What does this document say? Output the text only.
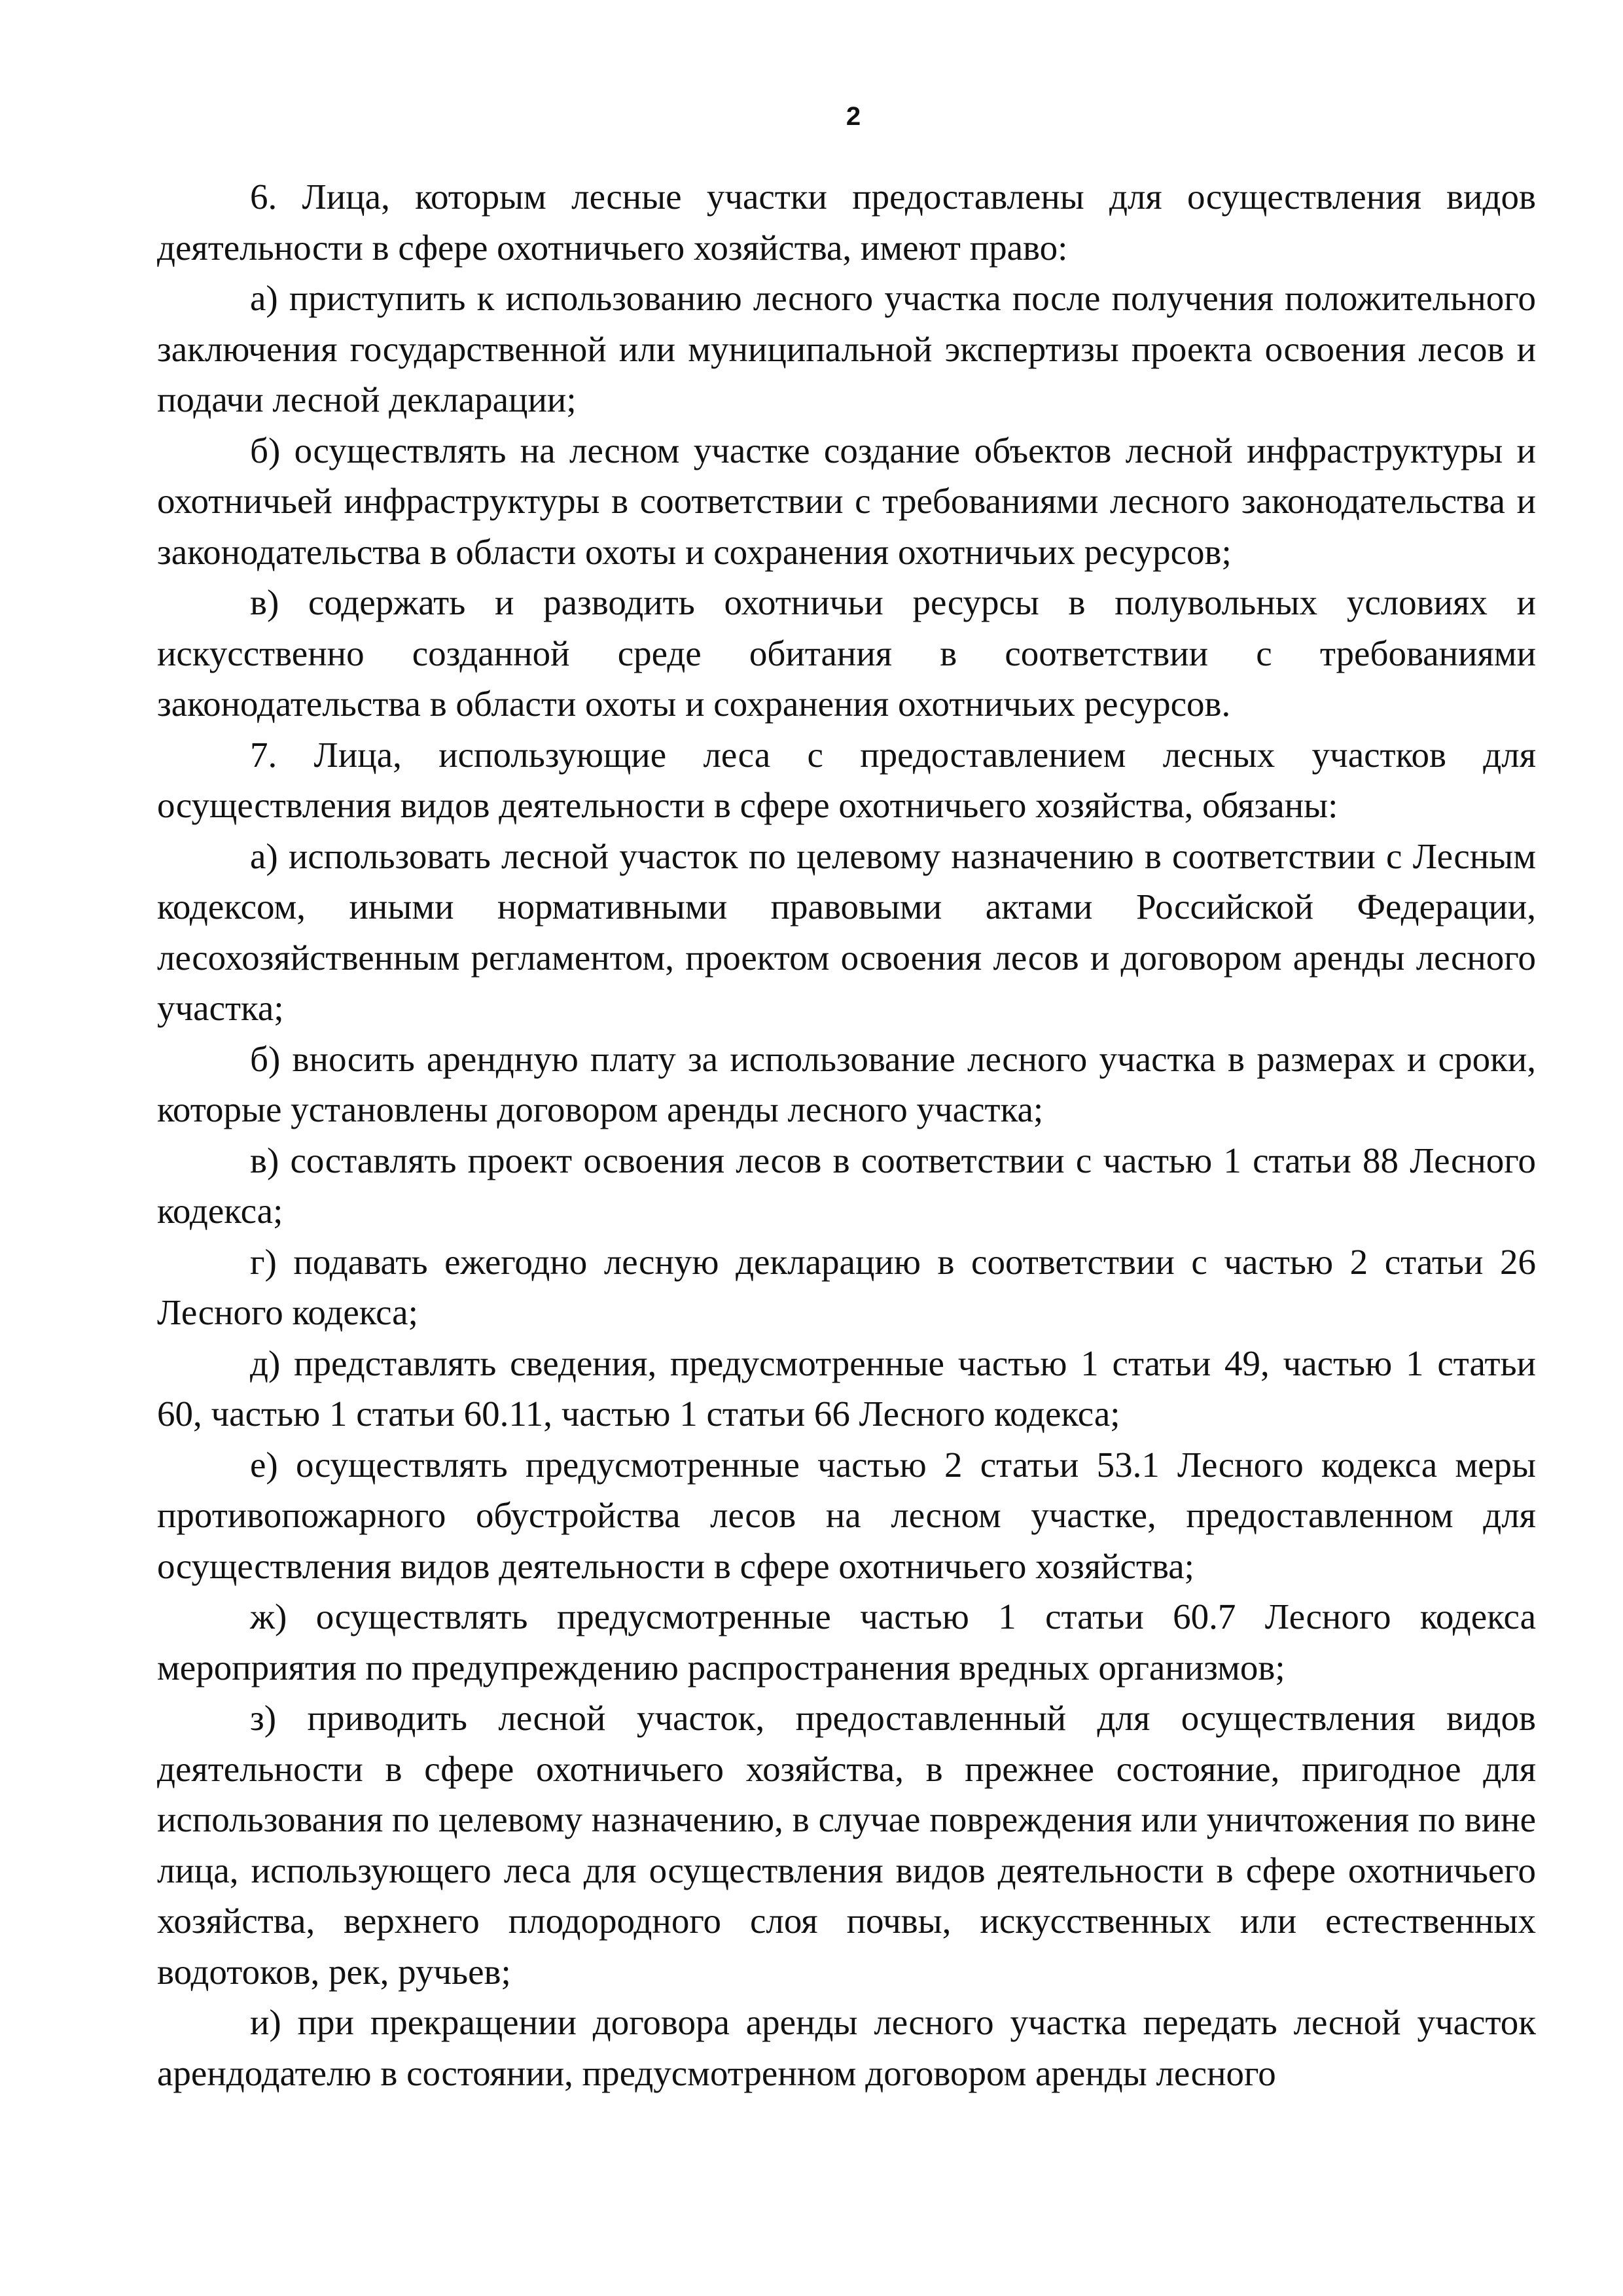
2

6. Лица, которым лесные участки предоставлены для осуществления видов деятельности в сфере охотничьего хозяйства, имеют право:

а) приступить к использованию лесного участка после получения положительного заключения государственной или муниципальной экспертизы проекта освоения лесов и подачи лесной декларации;

б) осуществлять на лесном участке создание объектов лесной инфраструктуры и охотничьей инфраструктуры в соответствии с требованиями лесного законодательства и законодательства в области охоты и сохранения охотничьих ресурсов;

в) содержать и разводить охотничьи ресурсы в полувольных условиях и искусственно созданной среде обитания в соответствии с требованиями законодательства в области охоты и сохранения охотничьих ресурсов.

7. Лица, использующие леса с предоставлением лесных участков для осуществления видов деятельности в сфере охотничьего хозяйства, обязаны:

а) использовать лесной участок по целевому назначению в соответствии с Лесным кодексом, иными нормативными правовыми актами Российской Федерации, лесохозяйственным регламентом, проектом освоения лесов и договором аренды лесного участка;

б) вносить арендную плату за использование лесного участка в размерах и сроки, которые установлены договором аренды лесного участка;

в) составлять проект освоения лесов в соответствии с частью 1 статьи 88 Лесного кодекса;

г) подавать ежегодно лесную декларацию в соответствии с частью 2 статьи 26 Лесного кодекса;

д) представлять сведения, предусмотренные частью 1 статьи 49, частью 1 статьи 60, частью 1 статьи 60.11, частью 1 статьи 66 Лесного кодекса;

е) осуществлять предусмотренные частью 2 статьи 53.1 Лесного кодекса меры противопожарного обустройства лесов на лесном участке, предоставленном для осуществления видов деятельности в сфере охотничьего хозяйства;

ж) осуществлять предусмотренные частью 1 статьи 60.7 Лесного кодекса мероприятия по предупреждению распространения вредных организмов;

з) приводить лесной участок, предоставленный для осуществления видов деятельности в сфере охотничьего хозяйства, в прежнее состояние, пригодное для использования по целевому назначению, в случае повреждения или уничтожения по вине лица, использующего леса для осуществления видов деятельности в сфере охотничьего хозяйства, верхнего плодородного слоя почвы, искусственных или естественных водотоков, рек, ручьев;

и) при прекращении договора аренды лесного участка передать лесной участок арендодателю в состоянии, предусмотренном договором аренды лесного
